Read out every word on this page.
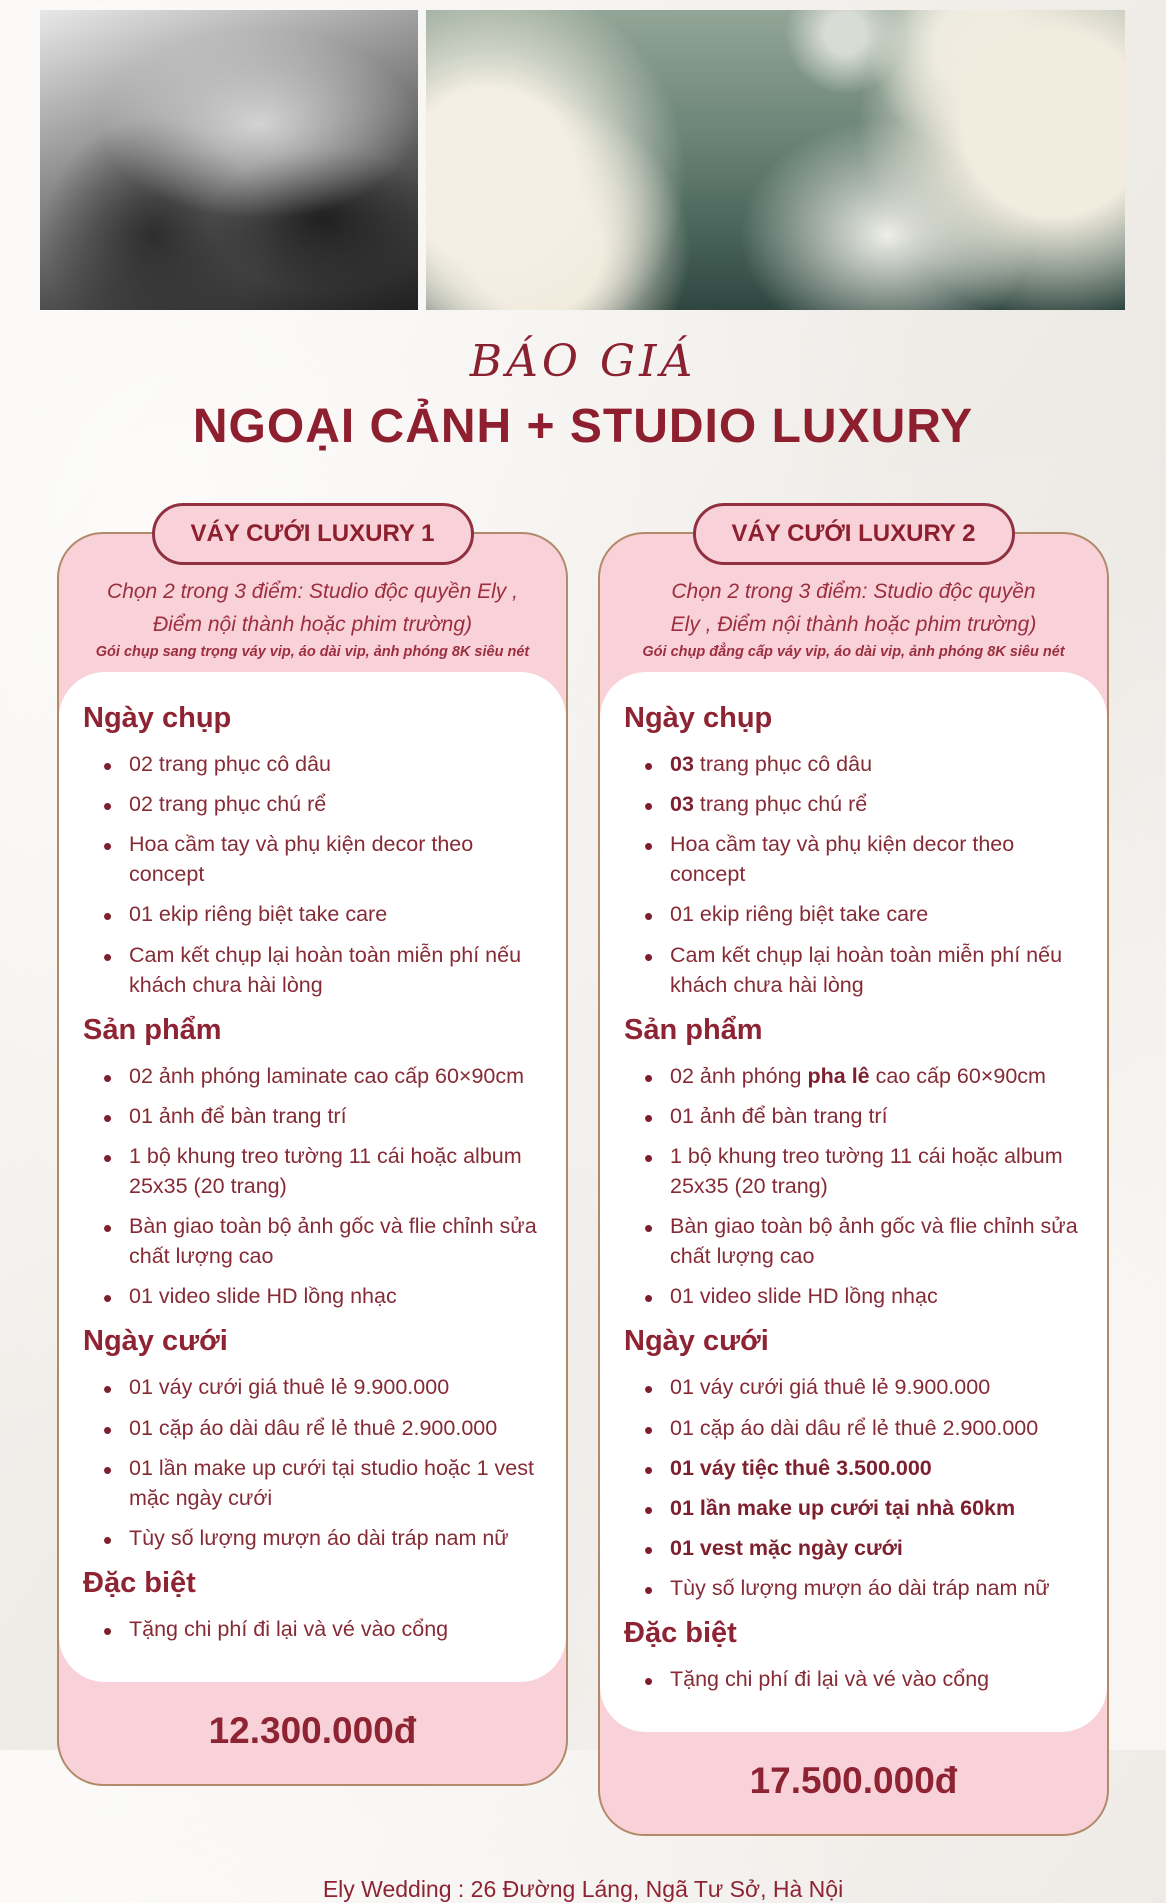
BÁO GIÁ
NGOẠI CẢNH + STUDIO LUXURY
VÁY CƯỚI LUXURY 1
Chọn 2 trong 3 điểm: Studio độc quyền Ely ,
Điểm nội thành hoặc phim trường)
Gói chụp sang trọng váy vip, áo dài vip, ảnh phóng 8K siêu nét
Ngày chụp
• 02 trang phục cô dâu
• 02 trang phục chú rể
• Hoa cầm tay và phụ kiện decor theo concept
• 01 ekip riêng biệt take care
• Cam kết chụp lại hoàn toàn miễn phí nếu khách chưa hài lòng
Sản phẩm
• 02 ảnh phóng laminate cao cấp 60×90cm
• 01 ảnh để bàn trang trí
• 1 bộ khung treo tường 11 cái hoặc album 25x35 (20 trang)
• Bàn giao toàn bộ ảnh gốc và flie chỉnh sửa chất lượng cao
• 01 video slide HD lồng nhạc
Ngày cưới
• 01 váy cưới giá thuê lẻ 9.900.000
• 01 cặp áo dài dâu rể lẻ thuê 2.900.000
• 01 lần make up cưới tại studio hoặc 1 vest mặc ngày cưới
• Tùy số lượng mượn áo dài tráp nam nữ
Đặc biệt
• Tặng chi phí đi lại và vé vào cổng
12.300.000đ
VÁY CƯỚI LUXURY 2
Chọn 2 trong 3 điểm: Studio độc quyền
Ely , Điểm nội thành hoặc phim trường)
Gói chụp đẳng cấp váy vip, áo dài vip, ảnh phóng 8K siêu nét
Ngày chụp
• 03 trang phục cô dâu
• 03 trang phục chú rể
• Hoa cầm tay và phụ kiện decor theo concept
• 01 ekip riêng biệt take care
• Cam kết chụp lại hoàn toàn miễn phí nếu khách chưa hài lòng
Sản phẩm
• 02 ảnh phóng pha lê cao cấp 60×90cm
• 01 ảnh để bàn trang trí
• 1 bộ khung treo tường 11 cái hoặc album 25x35 (20 trang)
• Bàn giao toàn bộ ảnh gốc và flie chỉnh sửa chất lượng cao
• 01 video slide HD lồng nhạc
Ngày cưới
• 01 váy cưới giá thuê lẻ 9.900.000
• 01 cặp áo dài dâu rể lẻ thuê 2.900.000
• 01 váy tiệc thuê 3.500.000
• 01 lần make up cưới tại nhà 60km
• 01 vest mặc ngày cưới
• Tùy số lượng mượn áo dài tráp nam nữ
Đặc biệt
• Tặng chi phí đi lại và vé vào cổng
17.500.000đ
Ely Wedding : 26 Đường Láng, Ngã Tư Sở, Hà Nội
